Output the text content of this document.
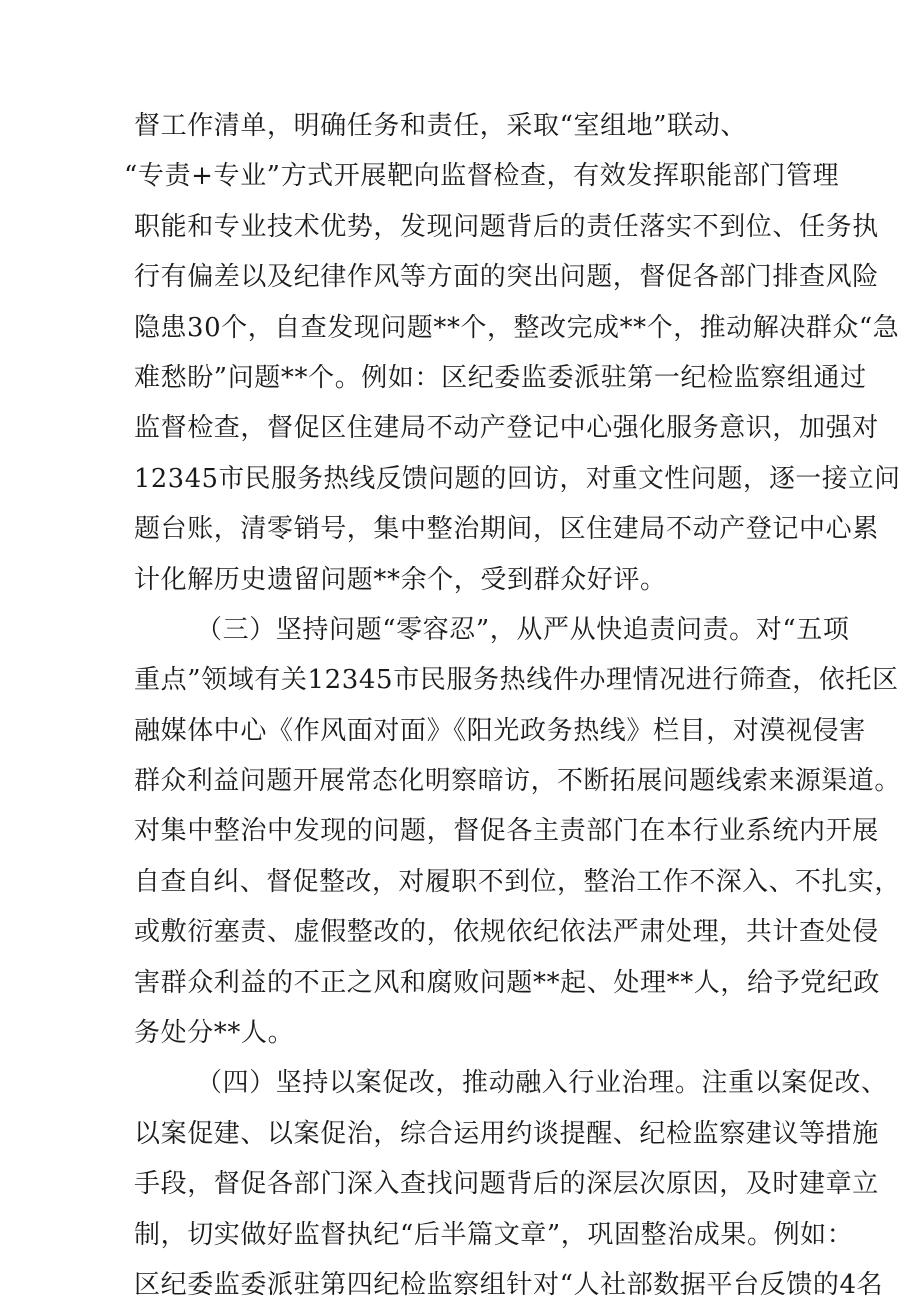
督工作清单，明确任务和责任，采取“室组地”联动、
“专责+专业”方式开展靶向监督检查，有效发挥职能部门管理
职能和专业技术优势，发现问题背后的责任落实不到位、任务执
行有偏差以及纪律作风等方面的突出问题，督促各部门排查风险
隐患30个，自查发现问题**个，整改完成**个，推动解决群众“急
难愁盼”问题**个。例如：区纪委监委派驻第一纪检监察组通过
监督检查，督促区住建局不动产登记中心强化服务意识，加强对
12345市民服务热线反馈问题的回访，对重文性问题，逐一接立问
题台账，清零销号，集中整治期间，区住建局不动产登记中心累
计化解历史遗留问题**余个，受到群众好评。
（三）坚持问题“零容忍”，从严从快追责问责。对“五项
重点”领域有关12345市民服务热线件办理情况进行筛查，依托区
融媒体中心《作风面对面》《阳光政务热线》栏目，对漠视侵害
群众利益问题开展常态化明察暗访，不断拓展问题线索来源渠道。
对集中整治中发现的问题，督促各主责部门在本行业系统内开展
自查自纠、督促整改，对履职不到位，整治工作不深入、不扎实，
或敷衍塞责、虚假整改的，依规依纪依法严肃处理，共计查处侵
害群众利益的不正之风和腐败问题**起、处理**人，给予党纪政
务处分**人。
（四）坚持以案促改，推动融入行业治理。注重以案促改、
以案促建、以案促治，综合运用约谈提醒、纪检监察建议等措施
手段，督促各部门深入查找问题背后的深层次原因，及时建章立
制，切实做好监督执纪“后半篇文章”，巩固整治成果。例如：
区纪委监委派驻第四纪检监察组针对“人社部数据平台反馈的4名
